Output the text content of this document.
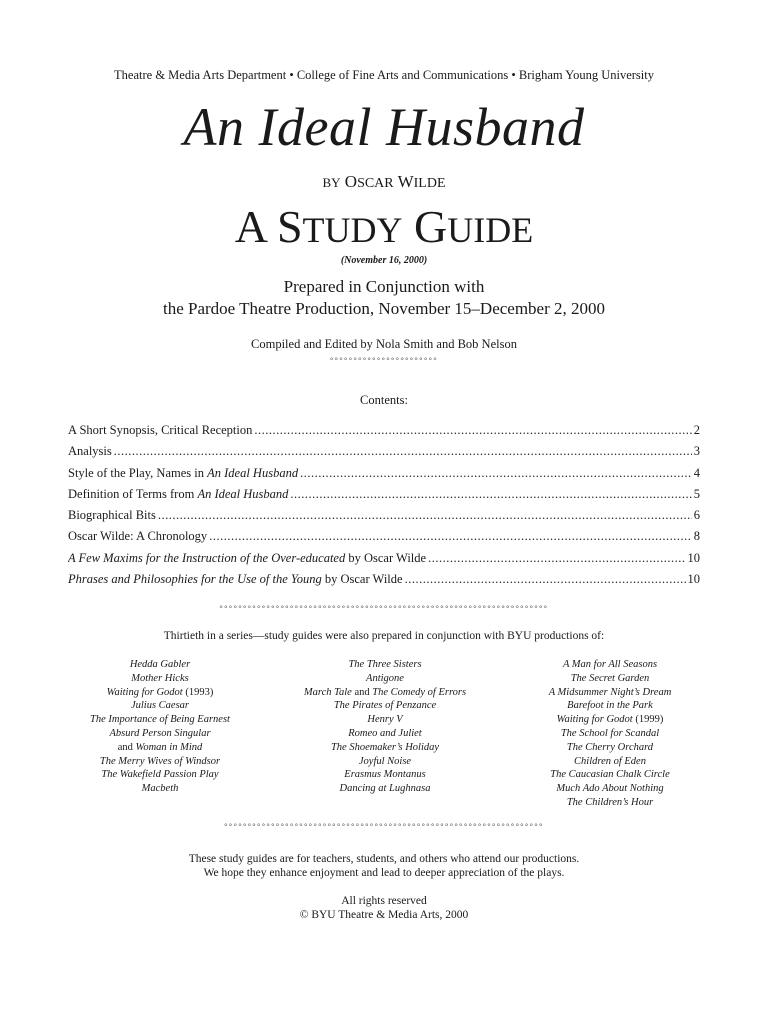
Theatre & Media Arts Department • College of Fine Arts and Communications • Brigham Young University
An Ideal Husband
BY OSCAR WILDE
A STUDY GUIDE
(November 16, 2000)
Prepared in Conjunction with
the Pardoe Theatre Production, November 15–December 2, 2000
Compiled and Edited by Nola Smith and Bob Nelson
°°°°°°°°°°°°°°°°°°°°°°°
Contents:
A Short Synopsis, Critical Reception .....	2
Analysis .....	3
Style of the Play, Names in An Ideal Husband .....	4
Definition of Terms from An Ideal Husband .....	5
Biographical Bits .....	6
Oscar Wilde: A Chronology .....	8
A Few Maxims for the Instruction of the Over-educated by Oscar Wilde .....	10
Phrases and Philosophies for the Use of the Young by Oscar Wilde .....	10
°°°°°°°°°°°°°°°°°°°°°°°°°°°°°°°°°°°°°°°°°°°°°°°°°°°°°°°°°°°°°°°°°°°°°°
Thirtieth in a series—study guides were also prepared in conjunction with BYU productions of:
Hedda Gabler
Mother Hicks
Waiting for Godot (1993)
Julius Caesar
The Importance of Being Earnest
Absurd Person Singular
and Woman in Mind
The Merry Wives of Windsor
The Wakefield Passion Play
Macbeth
The Three Sisters
Antigone
March Tale and The Comedy of Errors
The Pirates of Penzance
Henry V
Romeo and Juliet
The Shoemaker’s Holiday
Joyful Noise
Erasmus Montanus
Dancing at Lughnasa
A Man for All Seasons
The Secret Garden
A Midsummer Night’s Dream
Barefoot in the Park
Waiting for Godot (1999)
The School for Scandal
The Cherry Orchard
Children of Eden
The Caucasian Chalk Circle
Much Ado About Nothing
The Children’s Hour
°°°°°°°°°°°°°°°°°°°°°°°°°°°°°°°°°°°°°°°°°°°°°°°°°°°°°°°°°°°°°°°°°°°°
These study guides are for teachers, students, and others who attend our productions.
We hope they enhance enjoyment and lead to deeper appreciation of the plays.
All rights reserved
© BYU Theatre & Media Arts, 2000
